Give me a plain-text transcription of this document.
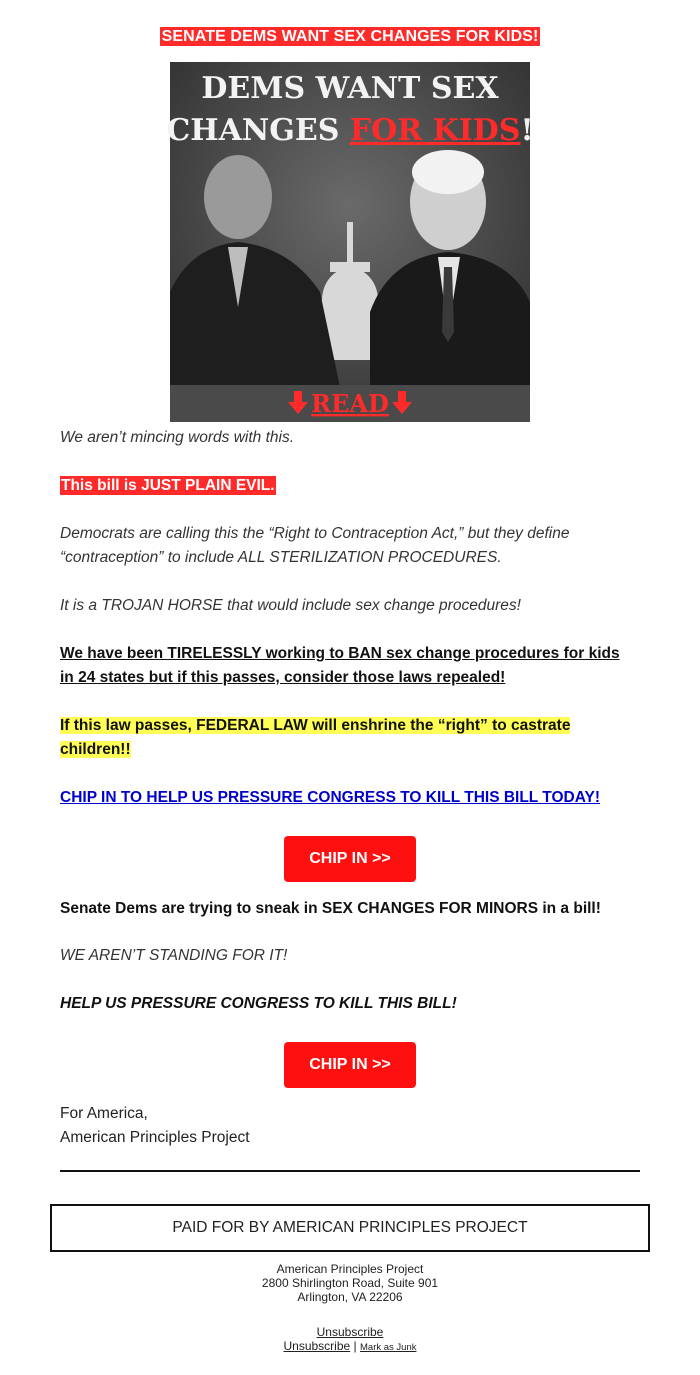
SENATE DEMS WANT SEX CHANGES FOR KIDS!
DEMS WANT SEX
CHANGES FOR KIDS!
READ
We aren’t mincing words with this.
This bill is JUST PLAIN EVIL.
Democrats are calling this the “Right to Contraception Act,” but they define
“contraception” to include ALL STERILIZATION PROCEDURES.
It is a TROJAN HORSE that would include sex change procedures!
We have been TIRELESSLY working to BAN sex change procedures for kids
in 24 states but if this passes, consider those laws repealed!
If this law passes, FEDERAL LAW will enshrine the “right” to castrate
children!!
CHIP IN TO HELP US PRESSURE CONGRESS TO KILL THIS BILL TODAY!
CHIP IN >>
Senate Dems are trying to sneak in SEX CHANGES FOR MINORS in a bill!
WE AREN’T STANDING FOR IT!
HELP US PRESSURE CONGRESS TO KILL THIS BILL!
CHIP IN >>
For America,
American Principles Project
PAID FOR BY AMERICAN PRINCIPLES PROJECT
American Principles Project
2800 Shirlington Road, Suite 901
Arlington, VA 22206
Unsubscribe
Unsubscribe | Mark as Junk
